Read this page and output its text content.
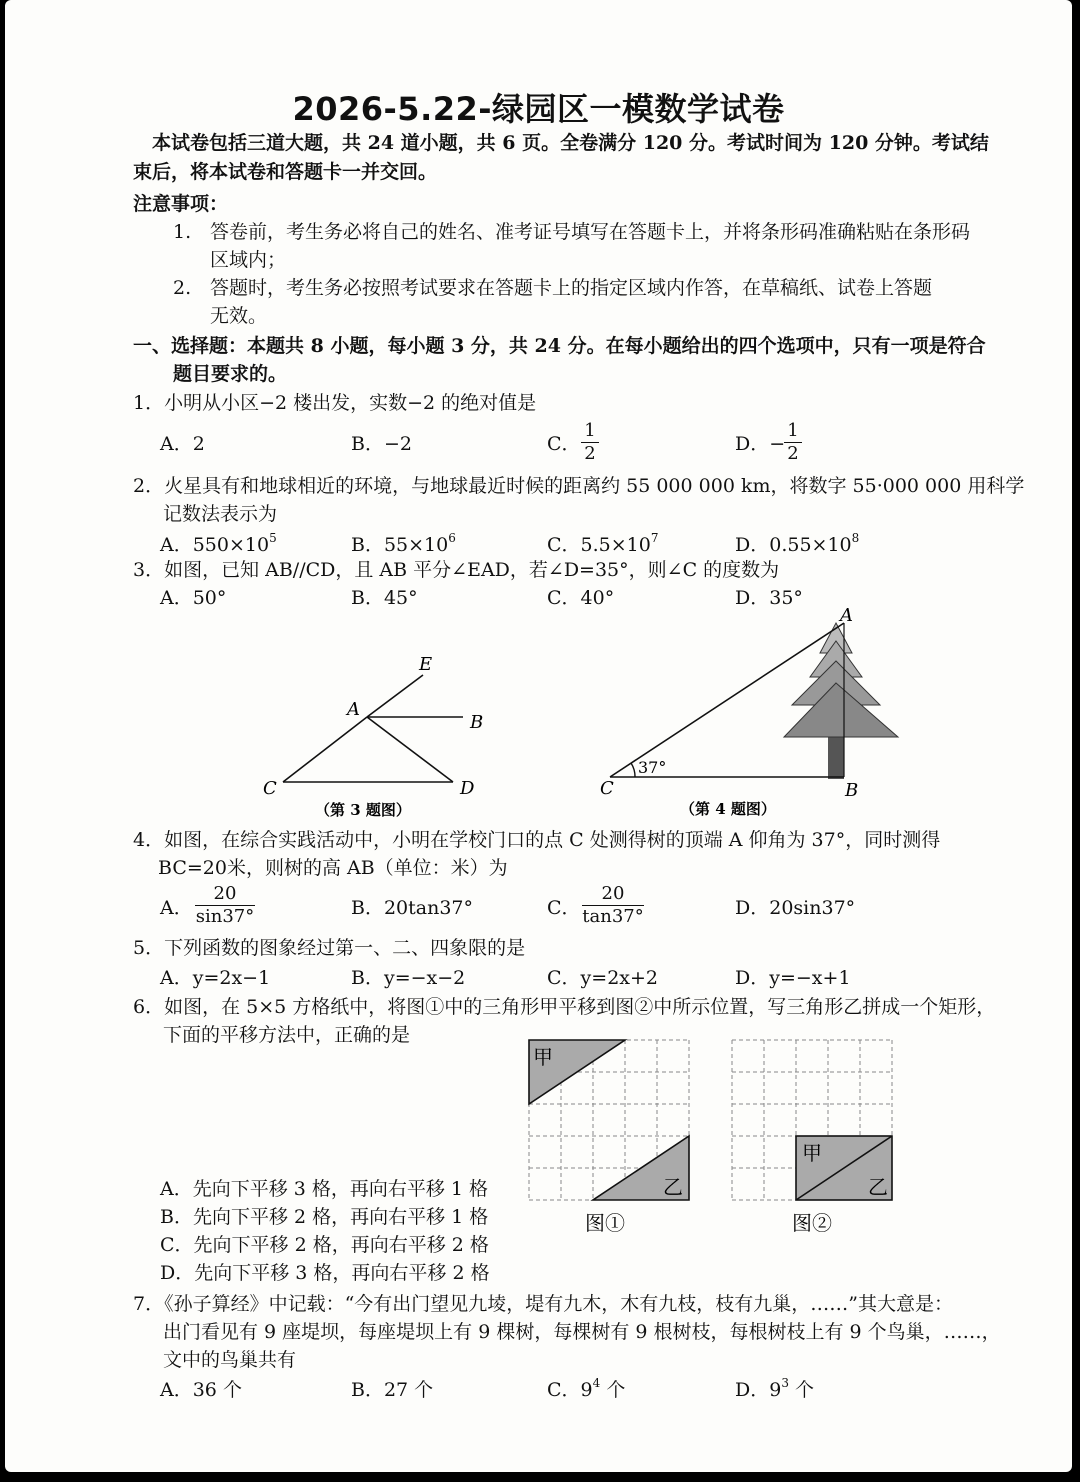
2026-5.22-绿园区一模数学试卷
本试卷包括三道大题，共 24 道小题，共 6 页。全卷满分 120 分。考试时间为 120 分钟。考试结
束后，将本试卷和答题卡一并交回。
注意事项：
1. 答卷前，考生务必将自己的姓名、准考证号填写在答题卡上，并将条形码准确粘贴在条形码
区域内；
2. 答题时，考生务必按照考试要求在答题卡上的指定区域内作答，在草稿纸、试卷上答题
无效。
一、选择题：本题共 8 小题，每小题 3 分，共 24 分。在每小题给出的四个选项中，只有一项是符合
题目要求的。
1．小明从小区−2 楼出发，实数−2 的绝对值是
A．2	B．−2	C． $\frac{1}{2}$	D．−
$\frac{1}{2}$
2．火星具有和地球相近的环境，与地球最近时候的距离约 55 000 000 km，将数字 55·000 000 用科学
记数法表示为
A．$550\times 10^5$	B．$55\times 10^6$	C．$5.5\times 10^7$	D．$0.55\times 10^8$
3．如图，已知 AB//CD，且 AB 平分∠EAD，若∠D=35°，则∠C 的度数为
A．50°	B．45°	C．40°	D．35°
E
A
B
C	D
（第 3 题图）
37°
A
B
C
（第 4 题图）
4．如图，在综合实践活动中，小明在学校门口的点 C 处测得树的顶端 A 仰角为 37°，同时测得
BC=20米，则树的高 AB（单位：米）为
A． $\frac{20}{\sin 37^\circ}$	B．20tan37°	C． $\frac{20}{\tan 37^\circ}$	D．20sin37°
5．下列函数的图象经过第一、二、四象限的是
A．y=2x−1	B．y=−x−2	C．y=2x+2	D．y=−x+1
6．如图，在 5×5 方格纸中，将图①中的三角形甲平移到图②中所示位置，写三角形乙拼成一个矩形，
下面的平移方法中，正确的是
甲
乙
图①
甲
乙
图②
A．先向下平移 3 格，再向右平移 1 格
B．先向下平移 2 格，再向右平移 1 格
C．先向下平移 2 格，再向右平移 2 格
D．先向下平移 3 格，再向右平移 2 格
7．《孙子算经》中记载：“今有出门望见九堎，堤有九木，木有九枝，枝有九巢，……”其大意是：
出门看见有 9 座堤坝，每座堤坝上有 9 棵树，每棵树有 9 根树枝，每根树枝上有 9 个鸟巢，……，
文中的鸟巢共有
A．36 个	B．27 个	C．$9^4$ 个	D．$9^3$ 个
